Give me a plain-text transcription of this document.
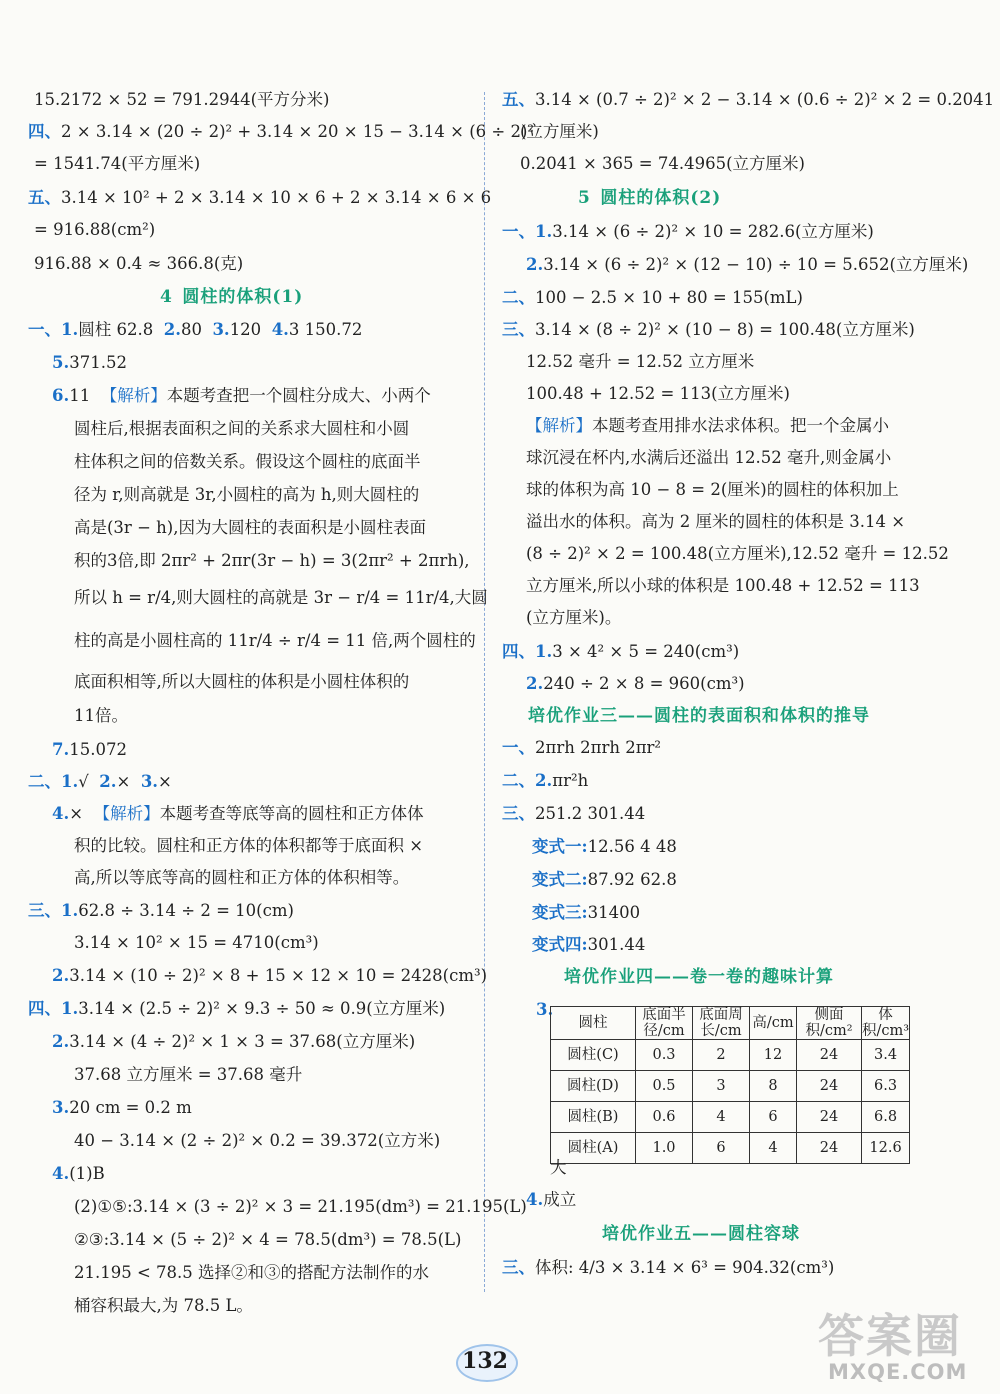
15.2172 × 52 = 791.2944(平方分米)
四、2 × 3.14 × (20 ÷ 2)² + 3.14 × 20 × 15 − 3.14 × (6 ÷ 2)²
= 1541.74(平方厘米)
五、3.14 × 10² + 2 × 3.14 × 10 × 6 + 2 × 3.14 × 6 × 6
= 916.88(cm²)
916.88 × 0.4 ≈ 366.8(克)
4 圆柱的体积(1)
一、1.圆柱 62.8 2.80 3.120 4.3 150.72
5.371.52
6.11 【解析】本题考查把一个圆柱分成大、小两个
圆柱后,根据表面积之间的关系求大圆柱和小圆
柱体积之间的倍数关系。假设这个圆柱的底面半
径为 r,则高就是 3r,小圆柱的高为 h,则大圆柱的
高是(3r − h),因为大圆柱的表面积是小圆柱表面
积的3倍,即 2πr² + 2πr(3r − h) = 3(2πr² + 2πrh),
所以 h = r/4,则大圆柱的高就是 3r − r/4 = 11r/4,大圆
柱的高是小圆柱高的 11r/4 ÷ r/4 = 11 倍,两个圆柱的
底面积相等,所以大圆柱的体积是小圆柱体积的
11倍。
7.15.072
二、1.√ 2.× 3.×
4.× 【解析】本题考查等底等高的圆柱和正方体体
积的比较。圆柱和正方体的体积都等于底面积 ×
高,所以等底等高的圆柱和正方体的体积相等。
三、1.62.8 ÷ 3.14 ÷ 2 = 10(cm)
3.14 × 10² × 15 = 4710(cm³)
2.3.14 × (10 ÷ 2)² × 8 + 15 × 12 × 10 = 2428(cm³)
四、1.3.14 × (2.5 ÷ 2)² × 9.3 ÷ 50 ≈ 0.9(立方厘米)
2.3.14 × (4 ÷ 2)² × 1 × 3 = 37.68(立方厘米)
37.68 立方厘米 = 37.68 毫升
3.20 cm = 0.2 m
40 − 3.14 × (2 ÷ 2)² × 0.2 = 39.372(立方米)
4.(1)B
(2)①⑤:3.14 × (3 ÷ 2)² × 3 = 21.195(dm³) = 21.195(L)
②③:3.14 × (5 ÷ 2)² × 4 = 78.5(dm³) = 78.5(L)
21.195 < 78.5 选择②和③的搭配方法制作的水
桶容积最大,为 78.5 L。
五、3.14 × (0.7 ÷ 2)² × 2 − 3.14 × (0.6 ÷ 2)² × 2 = 0.2041
(立方厘米)
0.2041 × 365 = 74.4965(立方厘米)
5 圆柱的体积(2)
一、1.3.14 × (6 ÷ 2)² × 10 = 282.6(立方厘米)
2.3.14 × (6 ÷ 2)² × (12 − 10) ÷ 10 = 5.652(立方厘米)
二、100 − 2.5 × 10 + 80 = 155(mL)
三、3.14 × (8 ÷ 2)² × (10 − 8) = 100.48(立方厘米)
12.52 毫升 = 12.52 立方厘米
100.48 + 12.52 = 113(立方厘米)
【解析】本题考查用排水法求体积。把一个金属小
球沉浸在杯内,水满后还溢出 12.52 毫升,则金属小
球的体积为高 10 − 8 = 2(厘米)的圆柱的体积加上
溢出水的体积。高为 2 厘米的圆柱的体积是 3.14 ×
(8 ÷ 2)² × 2 = 100.48(立方厘米),12.52 毫升 = 12.52
立方厘米,所以小球的体积是 100.48 + 12.52 = 113
(立方厘米)。
四、1.3 × 4² × 5 = 240(cm³)
2.240 ÷ 2 × 8 = 960(cm³)
培优作业三——圆柱的表面积和体积的推导
一、2πrh 2πrh 2πr²
二、2.πr²h
三、251.2 301.44
变式一:12.56 4 48
变式二:87.92 62.8
变式三:31400
变式四:301.44
培优作业四——卷一卷的趣味计算
3.
圆柱	底面半径/cm	底面周长/cm	高/cm	侧面积/cm²	体积/cm³
圆柱(C)	0.3	2	12	24	3.4
圆柱(D)	0.5	3	8	24	6.3
圆柱(B)	0.6	4	6	24	6.8
圆柱(A)	1.0	6	4	24	12.6
大
4.成立
培优作业五——圆柱容球
三、体积: 4/3 × 3.14 × 6³ = 904.32(cm³)
132	答案圈
MXQE.COM
